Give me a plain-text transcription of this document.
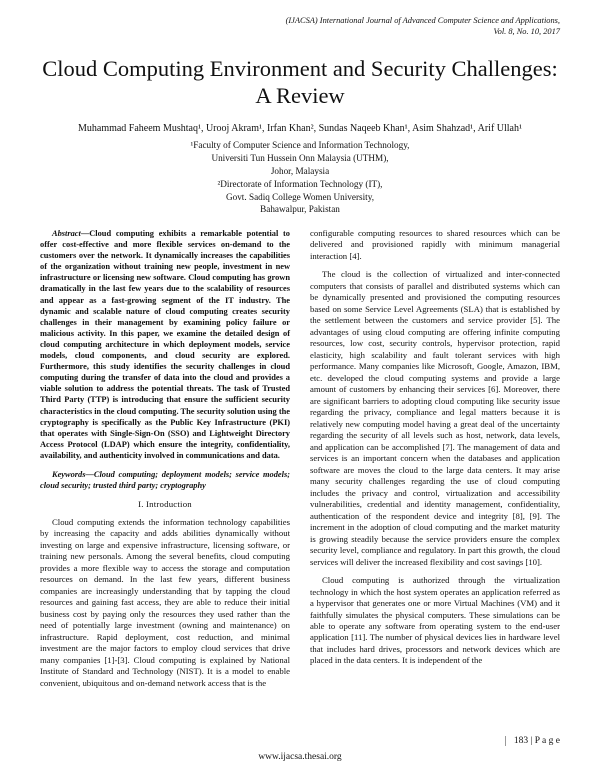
(IJACSA) International Journal of Advanced Computer Science and Applications,
Vol. 8, No. 10, 2017
Cloud Computing Environment and Security Challenges: A Review
Muhammad Faheem Mushtaq¹, Urooj Akram¹, Irfan Khan², Sundas Naqeeb Khan¹, Asim Shahzad¹, Arif Ullah¹
¹Faculty of Computer Science and Information Technology,
Universiti Tun Hussein Onn Malaysia (UTHM),
Johor, Malaysia
²Directorate of Information Technology (IT),
Govt. Sadiq College Women University,
Bahawalpur, Pakistan

Abstract—Cloud computing exhibits a remarkable potential to offer cost-effective and more flexible services on-demand to the customers over the network. It dynamically increases the capabilities of the organization without training new people, investment in new infrastructure or licensing new software. Cloud computing has grown dramatically in the last few years due to the scalability of resources and appear as a fast-growing segment of the IT industry. The dynamic and scalable nature of cloud computing creates security challenges in their management by examining policy failure or malicious activity. In this paper, we examine the detailed design of cloud computing architecture in which deployment models, service models, cloud components, and cloud security are explored. Furthermore, this study identifies the security challenges in cloud computing during the transfer of data into the cloud and provides a viable solution to address the potential threats. The task of Trusted Third Party (TTP) is introducing that ensure the sufficient security characteristics in the cloud computing. The security solution using the cryptography is specifically as the Public Key Infrastructure (PKI) that operates with Single-Sign-On (SSO) and Lightweight Directory Access Protocol (LDAP) which ensure the integrity, confidentiality, availability, and authenticity involved in communications and data.

Keywords—Cloud computing; deployment models; service models; cloud security; trusted third party; cryptography

I. Introduction

Cloud computing extends the information technology capabilities by increasing the capacity and adds abilities dynamically without investing on large and expensive infrastructure, licensing software, or training new personals. Among the several benefits, cloud computing provides a more flexible way to access the storage and computation resources on demand. In the last few years, different business companies are increasingly understanding that by tapping the cloud resources and gaining fast access, they are able to reduce their initial business cost by paying only the resources they used rather than the need of potentially large investment (owning and maintenance) on infrastructure. Rapid deployment, cost reduction, and minimal investment are the major factors to employ cloud services that drive many companies [1]-[3]. Cloud computing is explained by National Institute of Standard and Technology (NIST). It is a model to enable convenient, ubiquitous and on-demand network access that is the

configurable computing resources to shared resources which can be delivered and provisioned rapidly with minimum managerial interaction [4].

The cloud is the collection of virtualized and inter-connected computers that consists of parallel and distributed systems which can be dynamically presented and provisioned the computing resources based on some Service Level Agreements (SLA) that is established by the settlement between the customers and service provider [5]. The advantages of using cloud computing are offering infinite computing resources, low cost, security controls, hypervisor protection, rapid elasticity, high scalability and fault tolerant services with high performance. Many companies like Microsoft, Google, Amazon, IBM, etc. developed the cloud computing systems and provide a large amount of customers by enhancing their services [6]. Moreover, there are significant barriers to adopting cloud computing like security issue regarding the privacy, compliance and legal matters because it is relatively new computing model having a great deal of the uncertainty regarding the security of all levels such as host, network, data levels, and application can be accomplished [7]. The management of data and services is an important concern when the databases and application software are moves the cloud to the large data centers. It may arise many security challenges regarding the use of cloud computing includes the privacy and control, virtualization and accessibility vulnerabilities, credential and identity management, confidentiality, authentication of the respondent device and integrity [8], [9]. The increment in the adoption of cloud computing and the market maturity is growing steadily because the service providers ensure the complex security level, compliance and regulatory. In part this growth, the cloud services will deliver the increased flexibility and cost savings [10].

Cloud computing is authorized through the virtualization technology in which the host system operates an application referred as a hypervisor that generates one or more Virtual Machines (VM) and it faithfully simulates the physical computers. These simulations can be able to operate any software from operating system to the end-user application [11]. The number of physical devices lies in hardware level that includes hard drives, processors and network devices which are placed in the data centers. It is independent of the

183 | P a g e
www.ijacsa.thesai.org
